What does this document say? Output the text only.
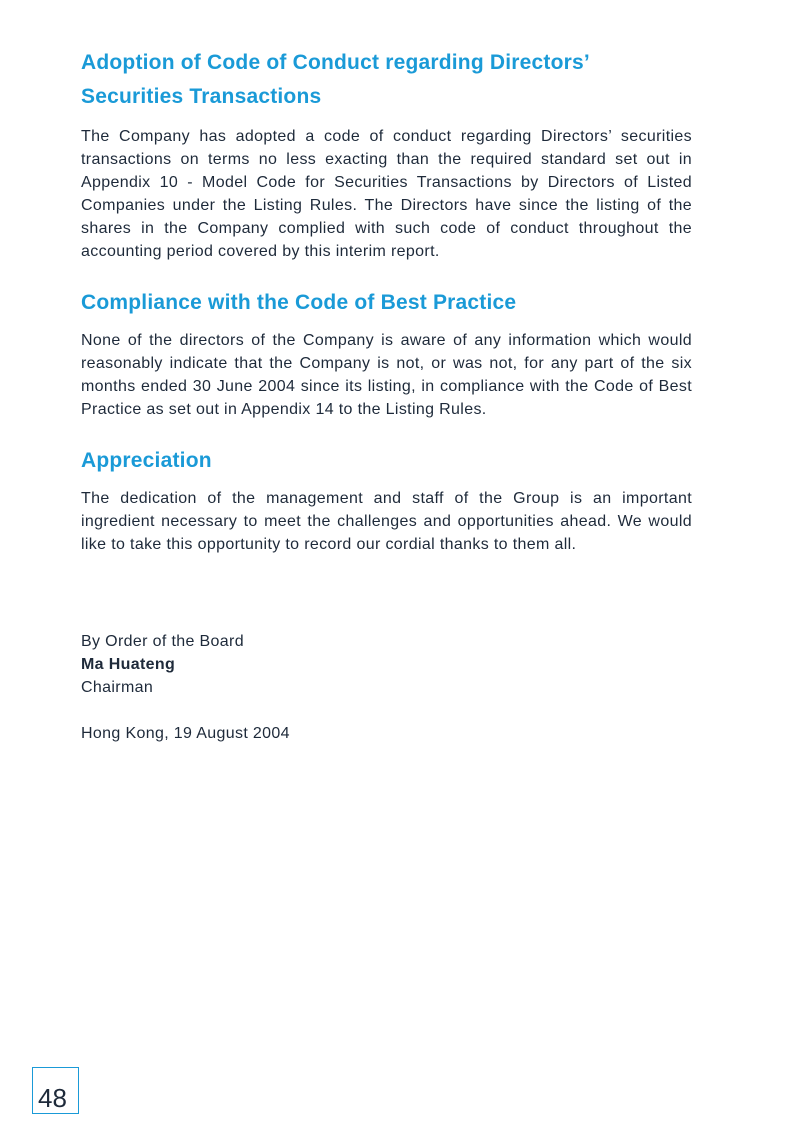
Adoption of Code of Conduct regarding Directors’ Securities Transactions

The Company has adopted a code of conduct regarding Directors’ securities transactions on terms no less exacting than the required standard set out in Appendix 10 - Model Code for Securities Transactions by Directors of Listed Companies under the Listing Rules. The Directors have since the listing of the shares in the Company complied with such code of conduct throughout the accounting period covered by this interim report.

Compliance with the Code of Best Practice

None of the directors of the Company is aware of any information which would reasonably indicate that the Company is not, or was not, for any part of the six months ended 30 June 2004 since its listing, in compliance with the Code of Best Practice as set out in Appendix 14 to the Listing Rules.

Appreciation

The dedication of the management and staff of the Group is an important ingredient necessary to meet the challenges and opportunities ahead. We would like to take this opportunity to record our cordial thanks to them all.

By Order of the Board
Ma Huateng
Chairman
Hong Kong, 19 August 2004
48
